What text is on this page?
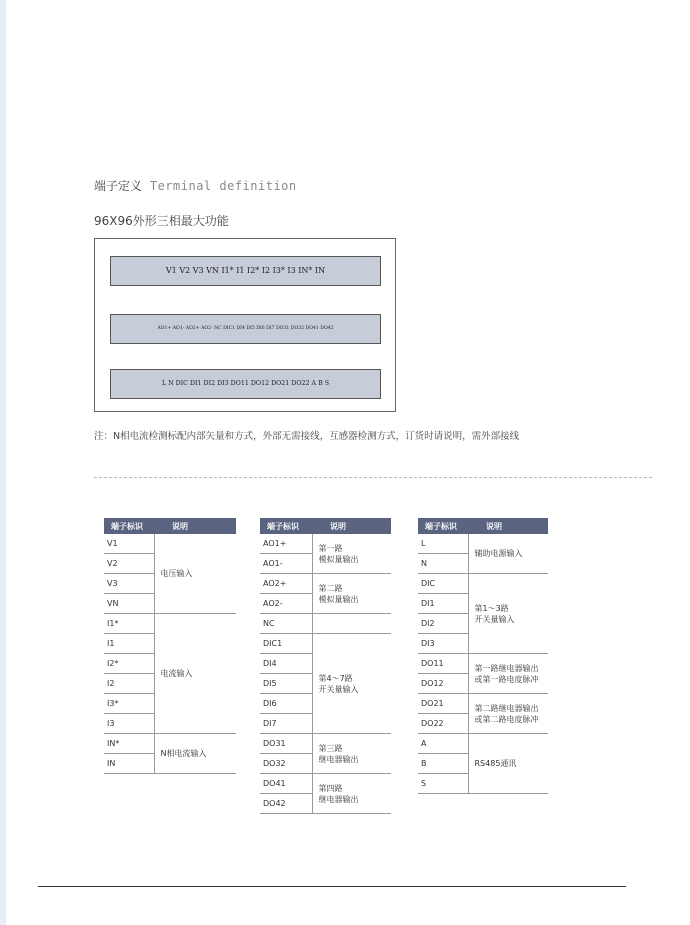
端子定义 Terminal definition
96X96外形三相最大功能
V1 V2 V3 VN I1* I1 I2* I2 I3* I3 IN* IN
AO1+ AO1- AO2+ AO2- NC DIC1 DI4 DI5 DI6 DI7 DO31 DO32 DO41 DO42
L N DIC DI1 DI2 DI3 DO11 DO12 DO21 DO22 A B S
注：N相电流检测标配内部矢量和方式，外部无需接线，互感器检测方式，订货时请说明，需外部接线
端子标识	说明
V1	电压输入
V2	
V3	
VN	
I1*	电流输入
I1	
I2*	
I2	
I3*	
I3	
IN*	N相电流输入
IN	
端子标识	说明
AO1+	第一路
模拟量输出
AO1-	
AO2+	第二路
模拟量输出
AO2-	
NC	
DIC1	第4～7路
开关量输入
DI4	
DI5	
DI6	
DI7	
DO31	第三路
继电器输出
DO32	
DO41	第四路
继电器输出
DO42	
端子标识	说明
L	辅助电源输入
N	
DIC	第1～3路
开关量输入
DI1	
DI2	
DI3	
DO11	第一路继电器输出
或第一路电度脉冲
DO12	
DO21	第二路继电器输出
或第二路电度脉冲
DO22	
A	RS485通讯
B	
S	
